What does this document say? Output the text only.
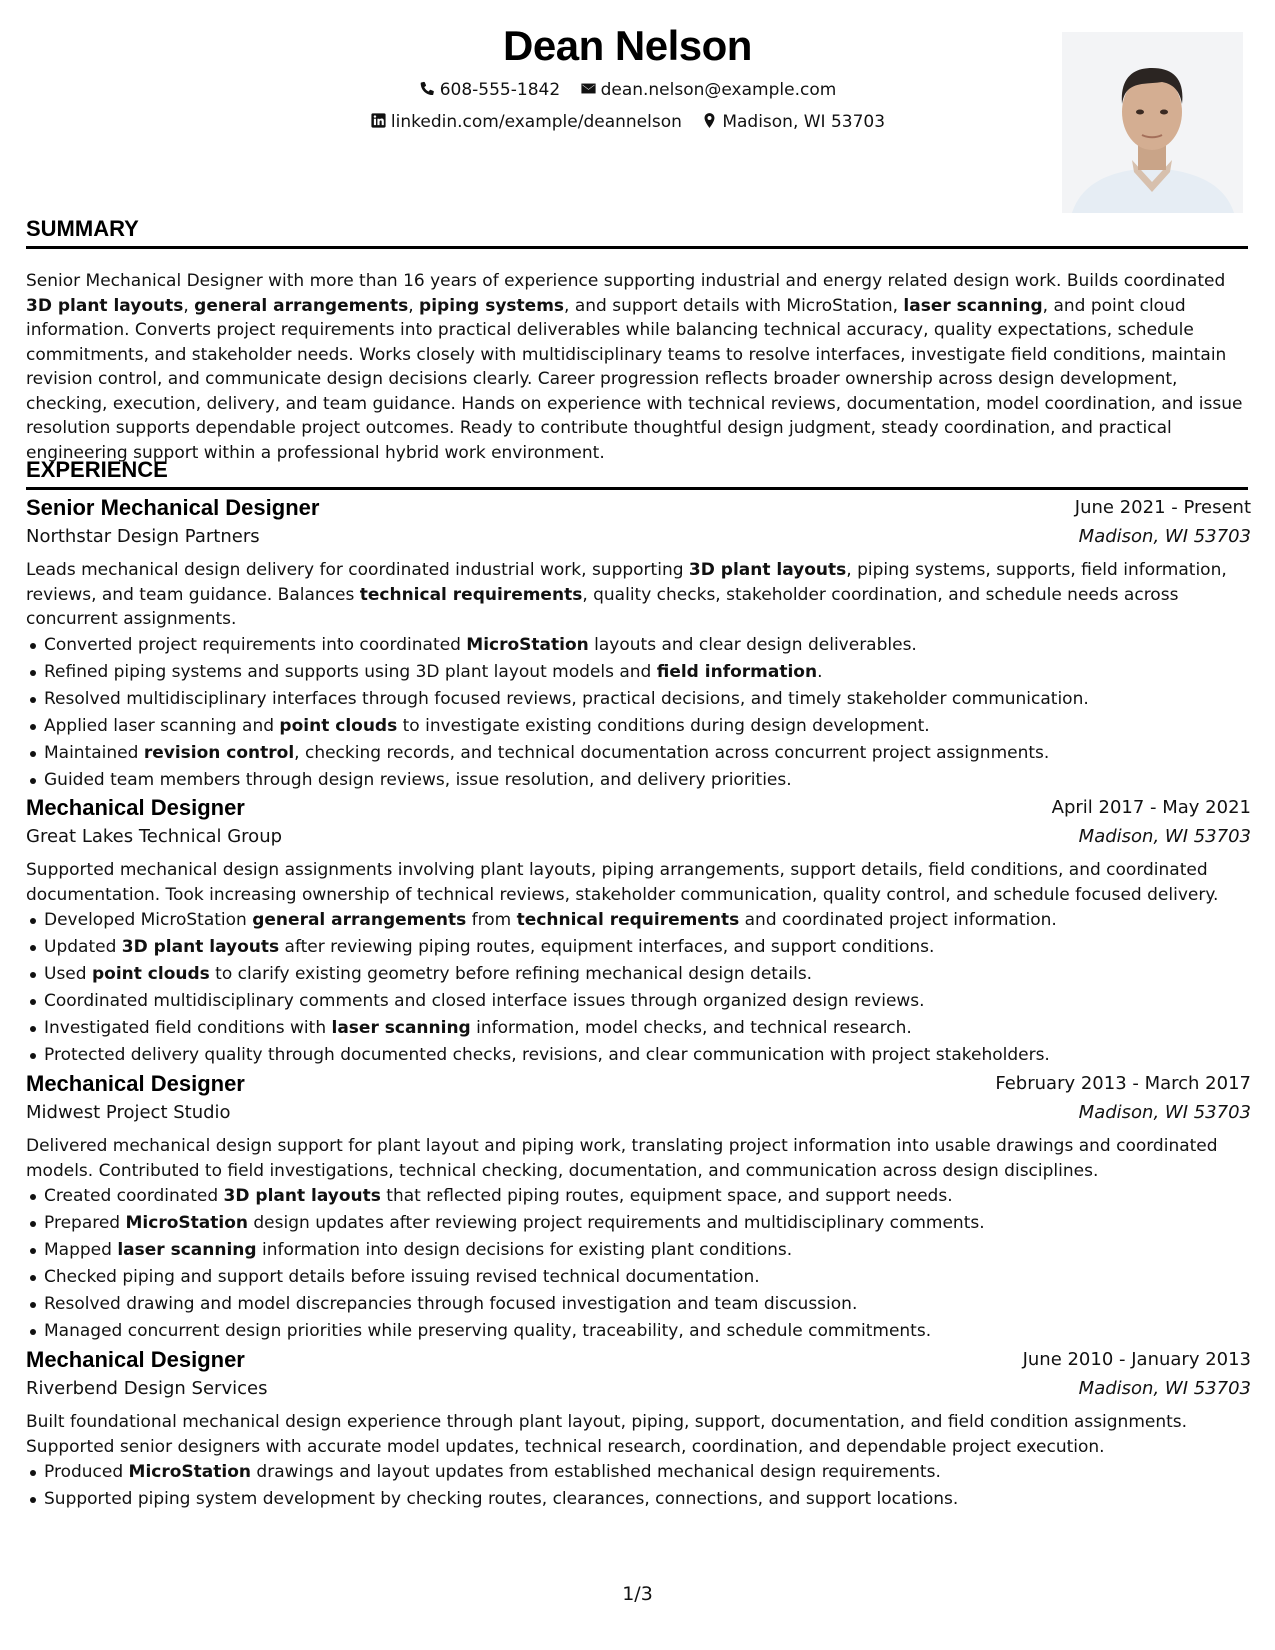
Dean Nelson
608-555-1842 dean.nelson@example.com
linkedin.com/example/deannelson Madison, WI 53703
SUMMARY
Senior Mechanical Designer with more than 16 years of experience supporting industrial and energy related design work. Builds coordinated 3D plant layouts, general arrangements, piping systems, and support details with MicroStation, laser scanning, and point cloud information. Converts project requirements into practical deliverables while balancing technical accuracy, quality expectations, schedule commitments, and stakeholder needs. Works closely with multidisciplinary teams to resolve interfaces, investigate field conditions, maintain revision control, and communicate design decisions clearly. Career progression reflects broader ownership across design development, checking, execution, delivery, and team guidance. Hands on experience with technical reviews, documentation, model coordination, and issue resolution supports dependable project outcomes. Ready to contribute thoughtful design judgment, steady coordination, and practical engineering support within a professional hybrid work environment.
EXPERIENCE
Senior Mechanical Designer	June 2021 - Present
Northstar Design Partners	Madison, WI 53703
Leads mechanical design delivery for coordinated industrial work, supporting 3D plant layouts, piping systems, supports, field information, reviews, and team guidance. Balances technical requirements, quality checks, stakeholder coordination, and schedule needs across concurrent assignments.
Converted project requirements into coordinated MicroStation layouts and clear design deliverables.
Refined piping systems and supports using 3D plant layout models and field information.
Resolved multidisciplinary interfaces through focused reviews, practical decisions, and timely stakeholder communication.
Applied laser scanning and point clouds to investigate existing conditions during design development.
Maintained revision control, checking records, and technical documentation across concurrent project assignments.
Guided team members through design reviews, issue resolution, and delivery priorities.
Mechanical Designer	April 2017 - May 2021
Great Lakes Technical Group	Madison, WI 53703
Supported mechanical design assignments involving plant layouts, piping arrangements, support details, field conditions, and coordinated documentation. Took increasing ownership of technical reviews, stakeholder communication, quality control, and schedule focused delivery.
Developed MicroStation general arrangements from technical requirements and coordinated project information.
Updated 3D plant layouts after reviewing piping routes, equipment interfaces, and support conditions.
Used point clouds to clarify existing geometry before refining mechanical design details.
Coordinated multidisciplinary comments and closed interface issues through organized design reviews.
Investigated field conditions with laser scanning information, model checks, and technical research.
Protected delivery quality through documented checks, revisions, and clear communication with project stakeholders.
Mechanical Designer	February 2013 - March 2017
Midwest Project Studio	Madison, WI 53703
Delivered mechanical design support for plant layout and piping work, translating project information into usable drawings and coordinated models. Contributed to field investigations, technical checking, documentation, and communication across design disciplines.
Created coordinated 3D plant layouts that reflected piping routes, equipment space, and support needs.
Prepared MicroStation design updates after reviewing project requirements and multidisciplinary comments.
Mapped laser scanning information into design decisions for existing plant conditions.
Checked piping and support details before issuing revised technical documentation.
Resolved drawing and model discrepancies through focused investigation and team discussion.
Managed concurrent design priorities while preserving quality, traceability, and schedule commitments.
Mechanical Designer	June 2010 - January 2013
Riverbend Design Services	Madison, WI 53703
Built foundational mechanical design experience through plant layout, piping, support, documentation, and field condition assignments. Supported senior designers with accurate model updates, technical research, coordination, and dependable project execution.
Produced MicroStation drawings and layout updates from established mechanical design requirements.
Supported piping system development by checking routes, clearances, connections, and support locations.
1/3
